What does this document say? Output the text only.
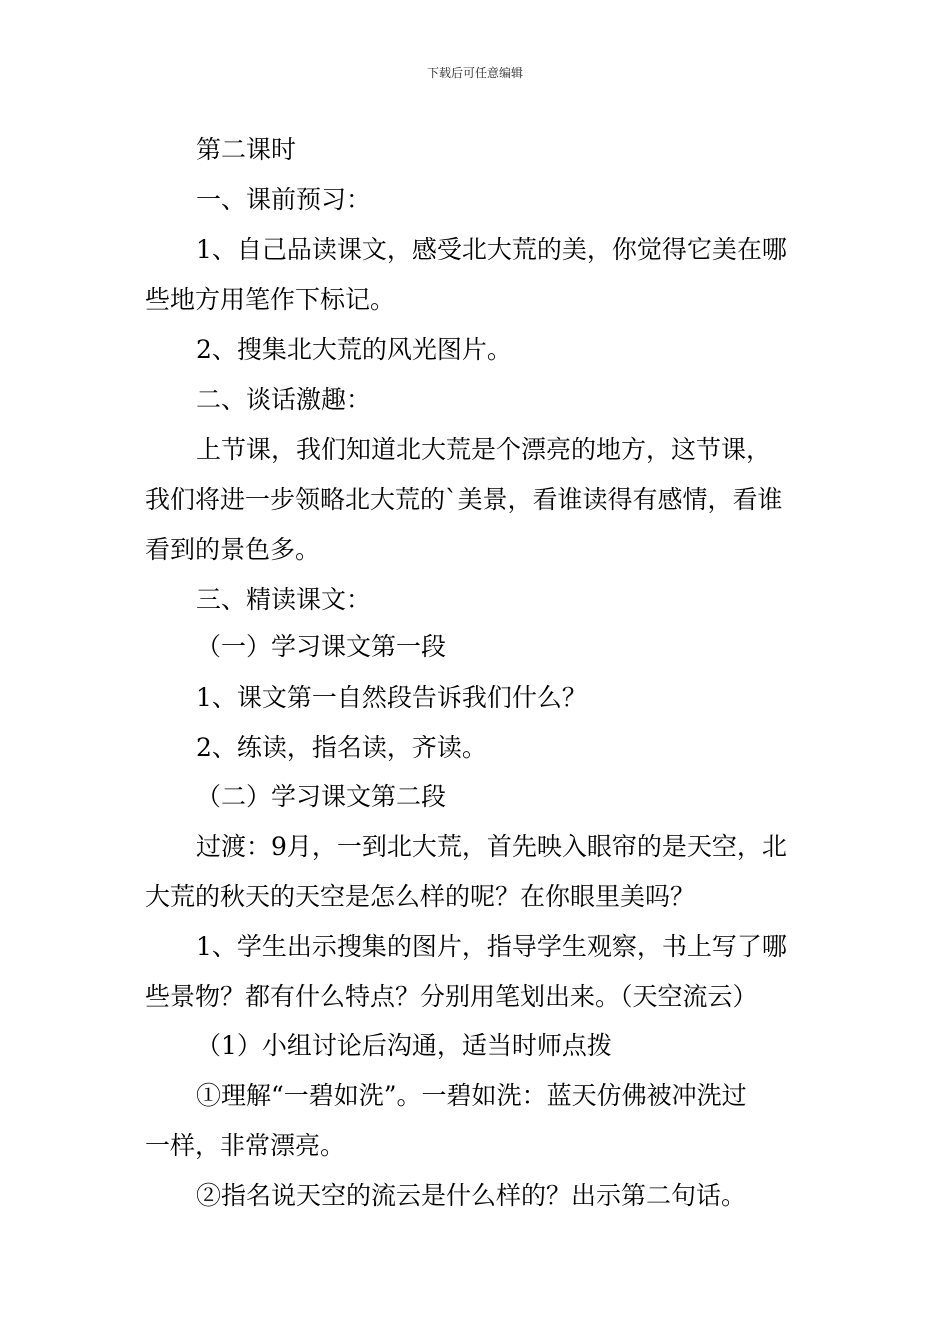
下载后可任意编辑
第二课时
一、课前预习：
1、自己品读课文，感受北大荒的美，你觉得它美在哪
些地方用笔作下标记。
2、搜集北大荒的风光图片。
二、谈话激趣：
上节课，我们知道北大荒是个漂亮的地方，这节课，
我们将进一步领略北大荒的`美景，看谁读得有感情，看谁
看到的景色多。
三、精读课文：
（一）学习课文第一段
1、课文第一自然段告诉我们什么？
2、练读，指名读，齐读。
（二）学习课文第二段
过渡：9月，一到北大荒，首先映入眼帘的是天空，北
大荒的秋天的天空是怎么样的呢？在你眼里美吗？
1、学生出示搜集的图片，指导学生观察，书上写了哪
些景物？都有什么特点？分别用笔划出来。（天空流云）
（1）小组讨论后沟通，适当时师点拨
①理解“一碧如洗”。一碧如洗：蓝天仿佛被冲洗过
一样，非常漂亮。
②指名说天空的流云是什么样的？出示第二句话。
